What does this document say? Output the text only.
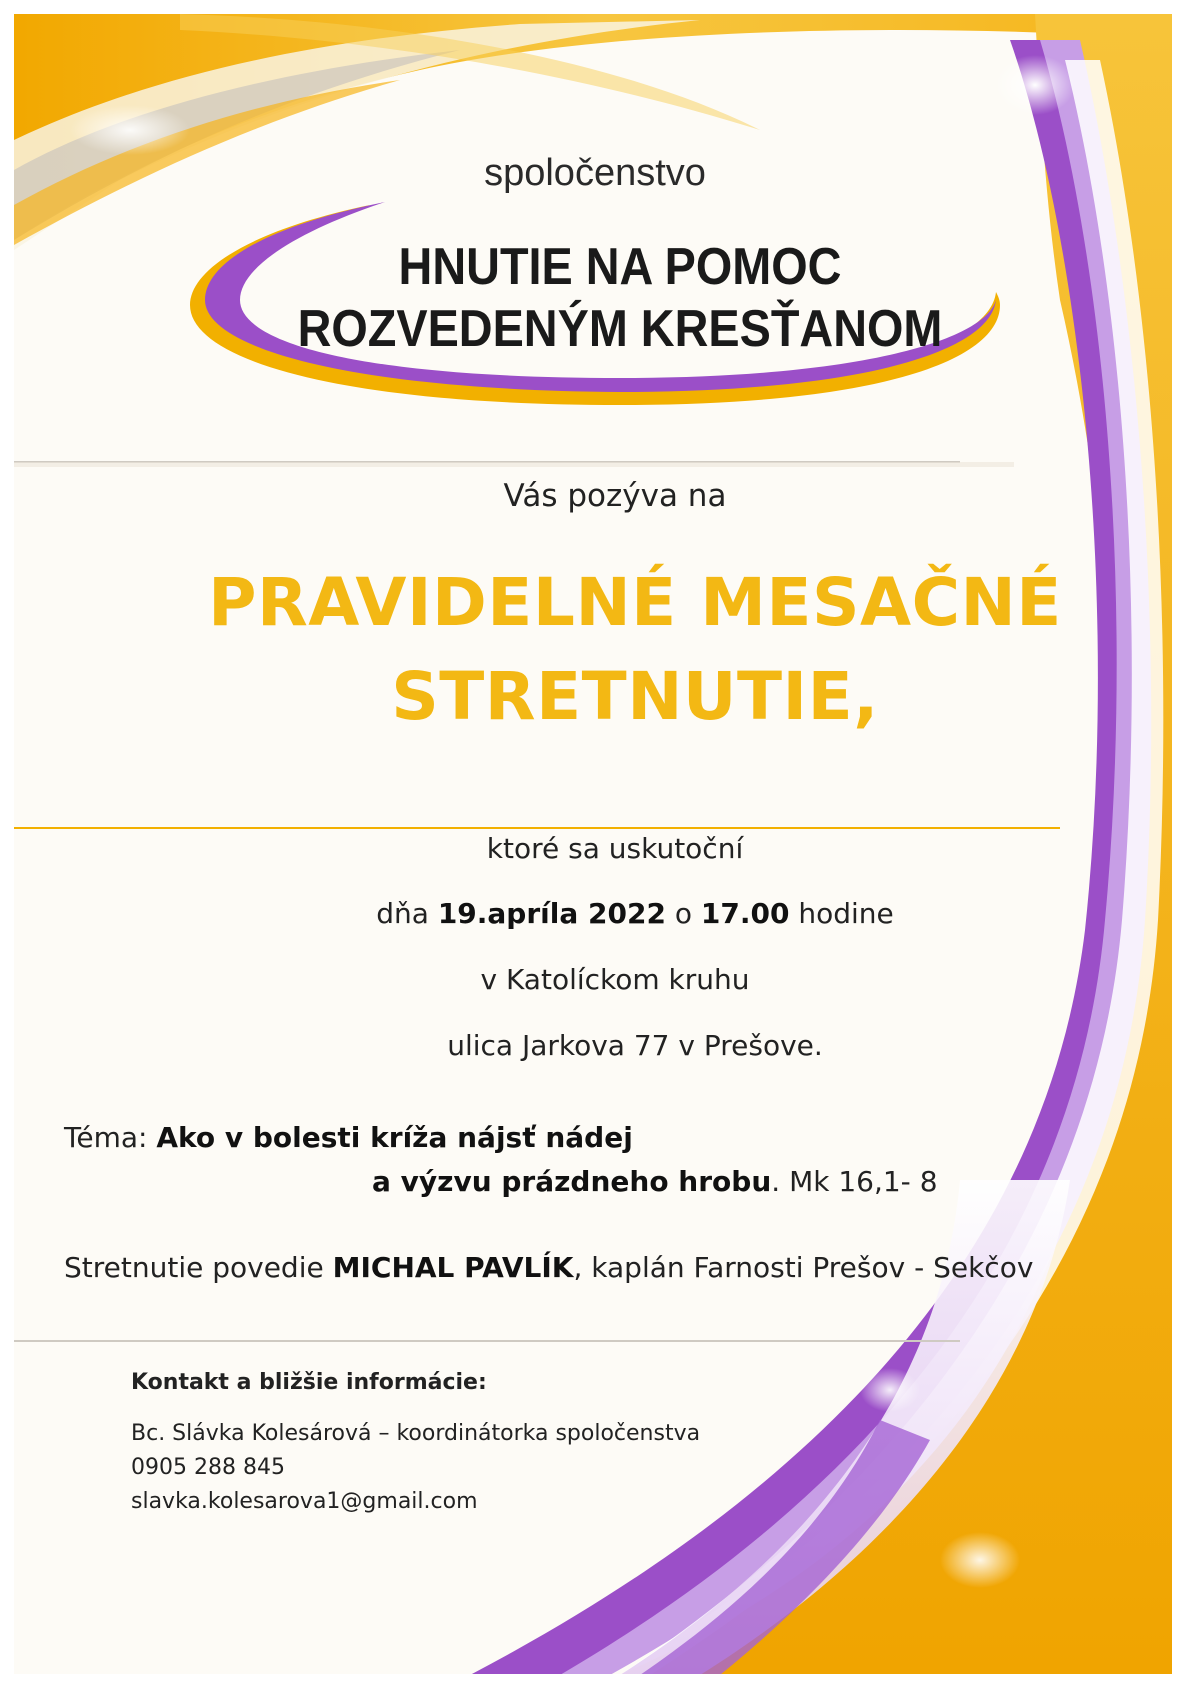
spoločenstvo

HNUTIE NA POMOC
ROZVEDENÝM KRESŤANOM

Vás pozýva na

PRAVIDELNÉ MESAČNÉ
STRETNUTIE,

ktoré sa uskutoční

dňa 19.apríla 2022 o 17.00 hodine

v Katolíckom kruhu

ulica Jarkova 77 v Prešove.

Téma: Ako v bolesti kríža nájsť nádej

a výzvu prázdneho hrobu. Mk 16,1- 8

Stretnutie povedie MICHAL PAVLÍK, kaplán Farnosti Prešov - Sekčov

Kontakt a bližšie informácie:

Bc. Slávka Kolesárová – koordinátorka spoločenstva

0905 288 845

slavka.kolesarova1@gmail.com
